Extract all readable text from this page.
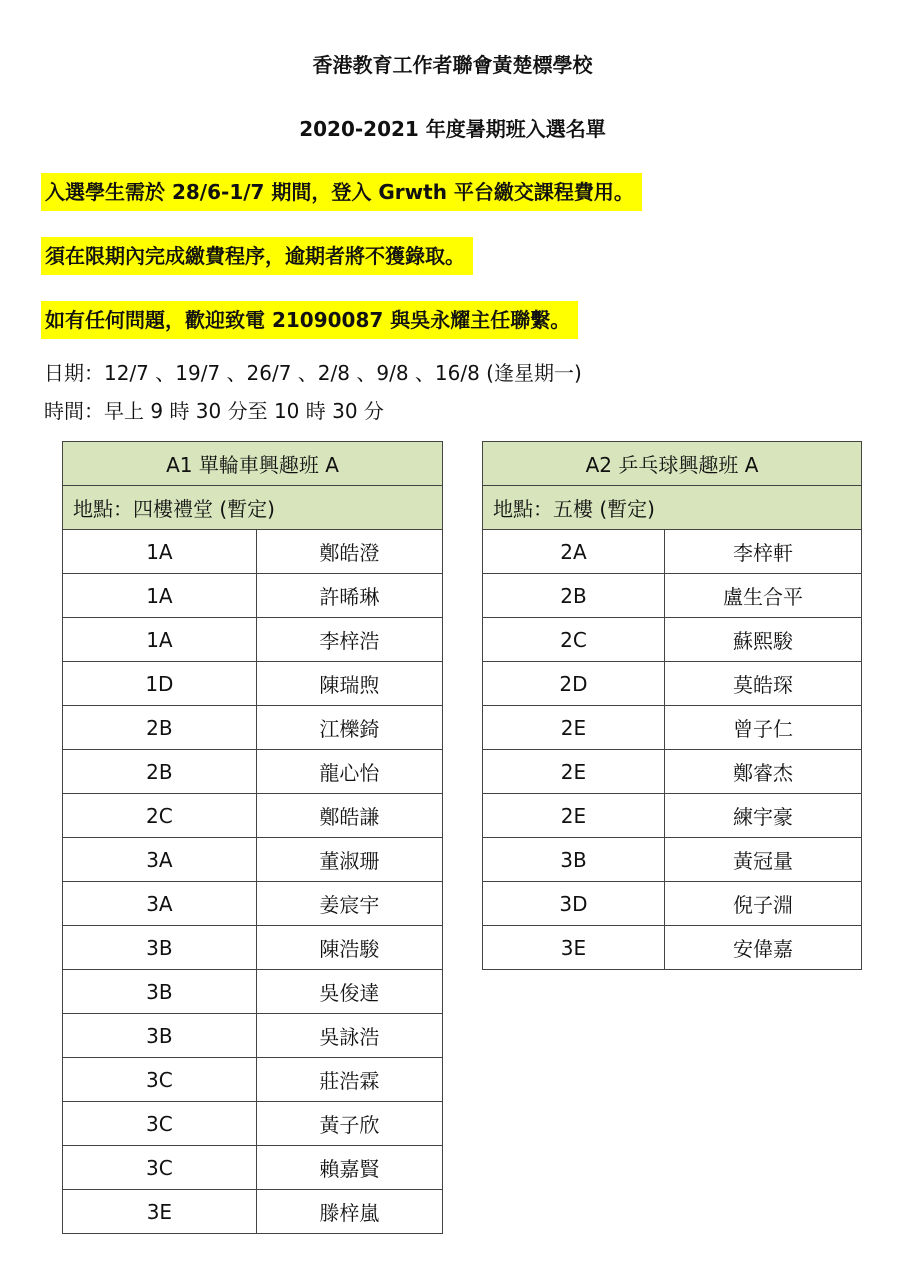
香港教育工作者聯會黃楚標學校
2020-2021 年度暑期班入選名單
入選學生需於 28/6-1/7 期間，登入 Grwth 平台繳交課程費用。
須在限期內完成繳費程序，逾期者將不獲錄取。
如有任何問題，歡迎致電 21090087 與吳永耀主任聯繫。
日期：12/7 、19/7 、26/7 、2/8 、9/8 、16/8 (逢星期一)
時間：早上 9 時 30 分至 10 時 30 分
A1 單輪車興趣班 A	
地點：四樓禮堂 (暫定)	
1A	鄭皓澄
1A	許晞琳
1A	李梓浩
1D	陳瑞煦
2B	江櫟錡
2B	龍心怡
2C	鄭皓謙
3A	董淑珊
3A	姜宸宇
3B	陳浩駿
3B	吳俊達
3B	吳詠浩
3C	莊浩霖
3C	黃子欣
3C	賴嘉賢
3E	滕梓嵐
A2 乒乓球興趣班 A	
地點：五樓 (暫定)	
2A	李梓軒
2B	盧生合平
2C	蘇熙駿
2D	莫皓琛
2E	曾子仁
2E	鄭睿杰
2E	練宇豪
3B	黃冠量
3D	倪子淵
3E	安偉嘉
